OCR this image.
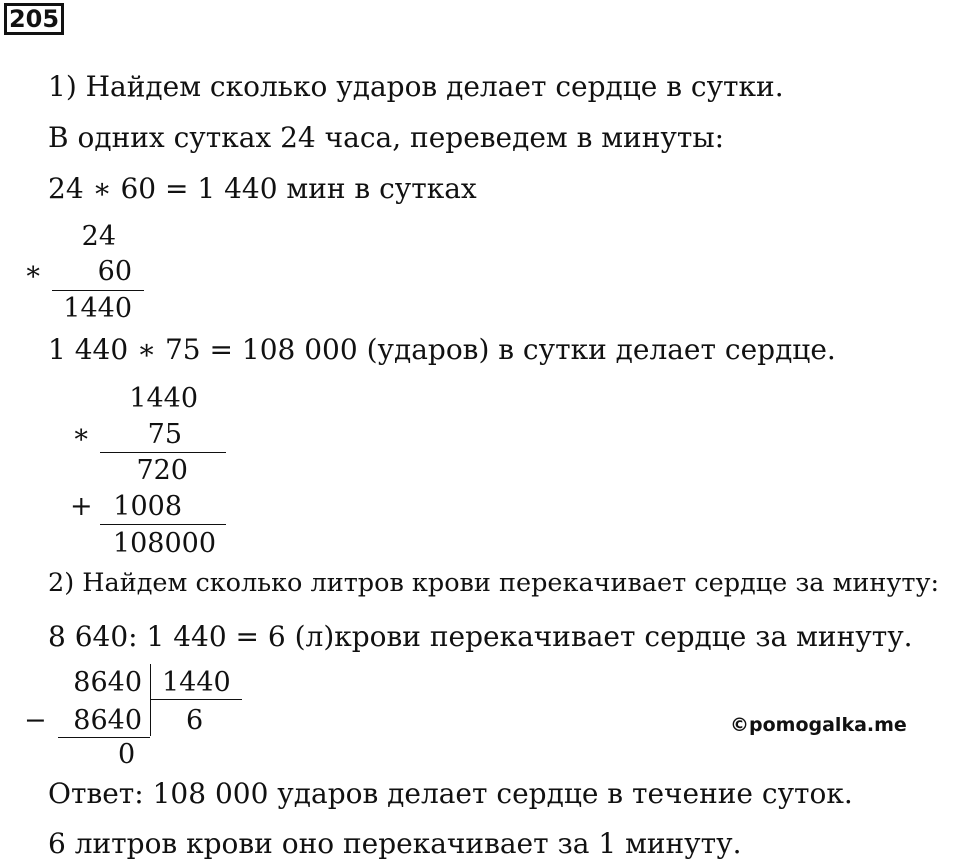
205
1) Найдем сколько ударов делает сердце в сутки.
В одних сутках 24 часа, переведем в минуты:
24 ∗ 60 = 1 440 мин в сутках
24
∗	60
1440
1 440 ∗ 75 = 108 000 (ударов) в сутки делает сердце.
1440
∗	75
720
+ 1008
108000
2) Найдем сколько литров крови перекачивает сердце за минуту:
8 640: 1 440 = 6 (л)крови перекачивает сердце за минуту.
8640 1440
− 8640 6
0
©pomogalka.me
Ответ: 108 000 ударов делает сердце в течение суток.
6 литров крови оно перекачивает за 1 минуту.
